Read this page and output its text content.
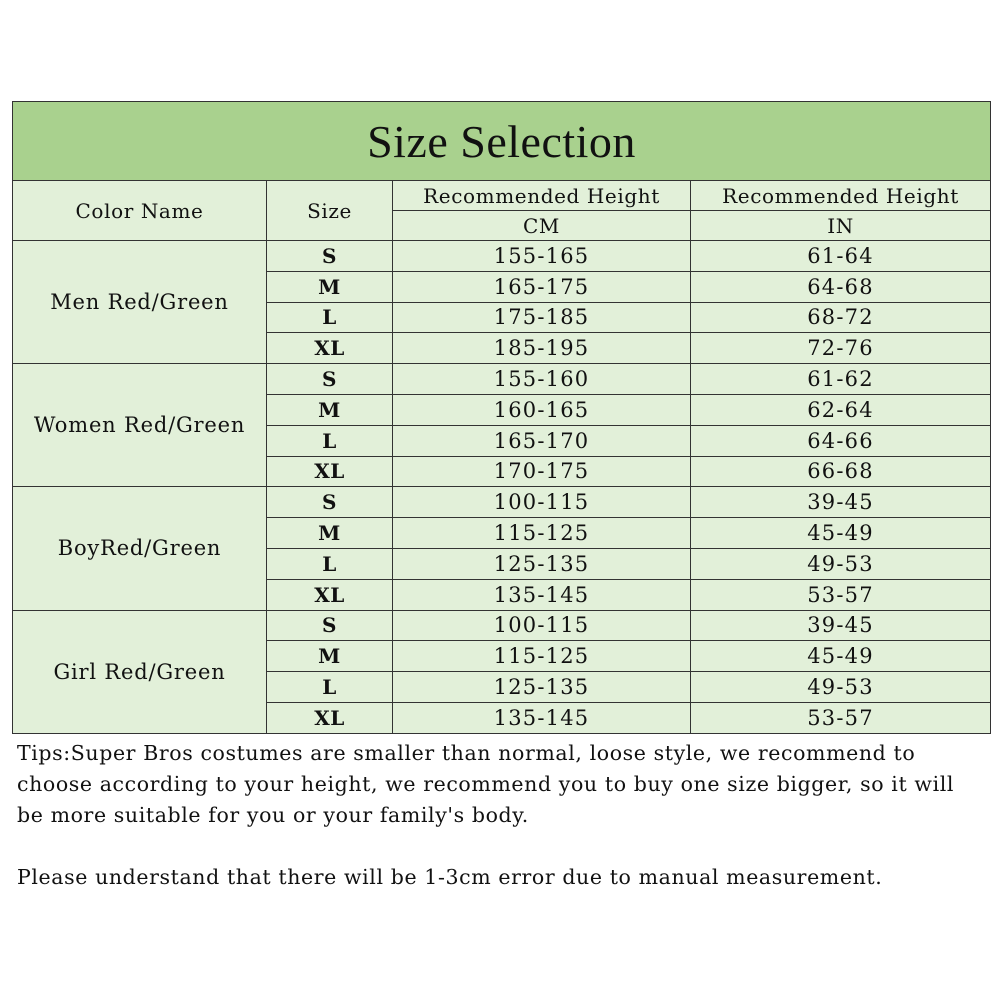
Size Selection			
Color Name	Size	Recommended Height	Recommended Height
		CM	IN
Men Red/Green	S	155-165	61-64
	M	165-175	64-68
	L	175-185	68-72
	XL	185-195	72-76
Women Red/Green	S	155-160	61-62
	M	160-165	62-64
	L	165-170	64-66
	XL	170-175	66-68
BoyRed/Green	S	100-115	39-45
	M	115-125	45-49
	L	125-135	49-53
	XL	135-145	53-57
Girl Red/Green	S	100-115	39-45
	M	115-125	45-49
	L	125-135	49-53
	XL	135-145	53-57

Tips:Super Bros costumes are smaller than normal, loose style, we recommend to choose according to your height, we recommend you to buy one size bigger, so it will be more suitable for you or your family's body.

Please understand that there will be 1-3cm error due to manual measurement.
